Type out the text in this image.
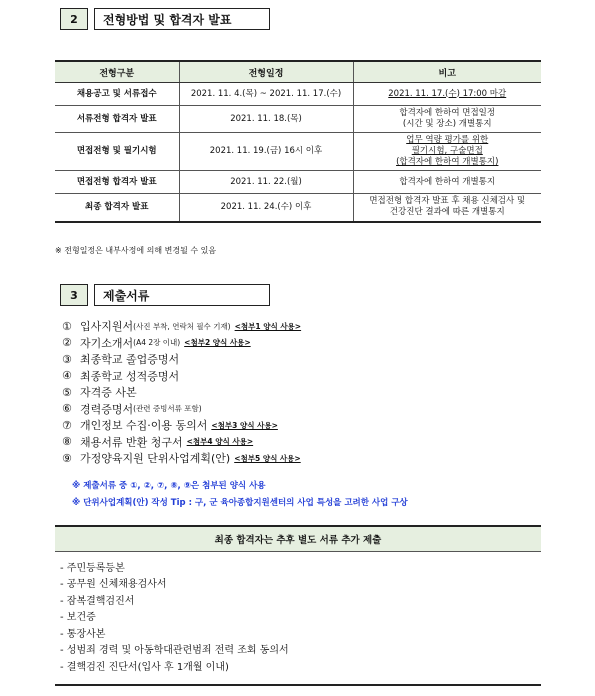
2	전형방법 및 합격자 발표
전형구분	전형일정	비고
채용공고 및 서류접수	2021. 11. 4.(목) ~ 2021. 11. 17.(수)	2021. 11. 17.(수) 17:00 마감
서류전형 합격자 발표	2021. 11. 18.(목)	합격자에 한하여 면접일정
(시간 및 장소) 개별통지

면접전형 및 필기시험	2021. 11. 19.(금) 16시 이후	업무 역량 평가를 위한
필기시험, 구술면접
(합격자에 한하여 개별통지)

면접전형 합격자 발표	2021. 11. 22.(월)	합격자에 한하여 개별통지
최종 합격자 발표	2021. 11. 24.(수) 이후	면접전형 합격자 발표 후 채용 신체검사 및
건강진단 결과에 따른 개별통지
※ 전형일정은 내부사정에 의해 변경될 수 있음
3	제출서류
① 입사지원서 (사진 부착, 연락처 필수 기재) <첨부1 양식 사용>
② 자기소개서 (A4 2장 이내) <첨부2 양식 사용>
③ 최종학교 졸업증명서
④ 최종학교 성적증명서
⑤ 자격증 사본
⑥ 경력증명서 (관련 증빙서류 포함)
⑦ 개인정보 수집·이용 동의서 <첨부3 양식 사용>
⑧ 채용서류 반환 청구서 <첨부4 양식 사용>
⑨ 가정양육지원 단위사업계획(안) <첨부5 양식 사용>
※ 제출서류 중 ①, ②, ⑦, ⑧, ⑨은 첨부된 양식 사용
※ 단위사업계획(안) 작성 Tip : 구, 군 육아종합지원센터의 사업 특성을 고려한 사업 구상
최종 합격자는 추후 별도 서류 추가 제출
- 주민등록등본
- 공무원 신체채용검사서
- 잠복결핵검진서
- 보건증
- 통장사본
- 성범죄 경력 및 아동학대관련범죄 전력 조회 동의서
- 결핵검진 진단서(입사 후 1개월 이내)
